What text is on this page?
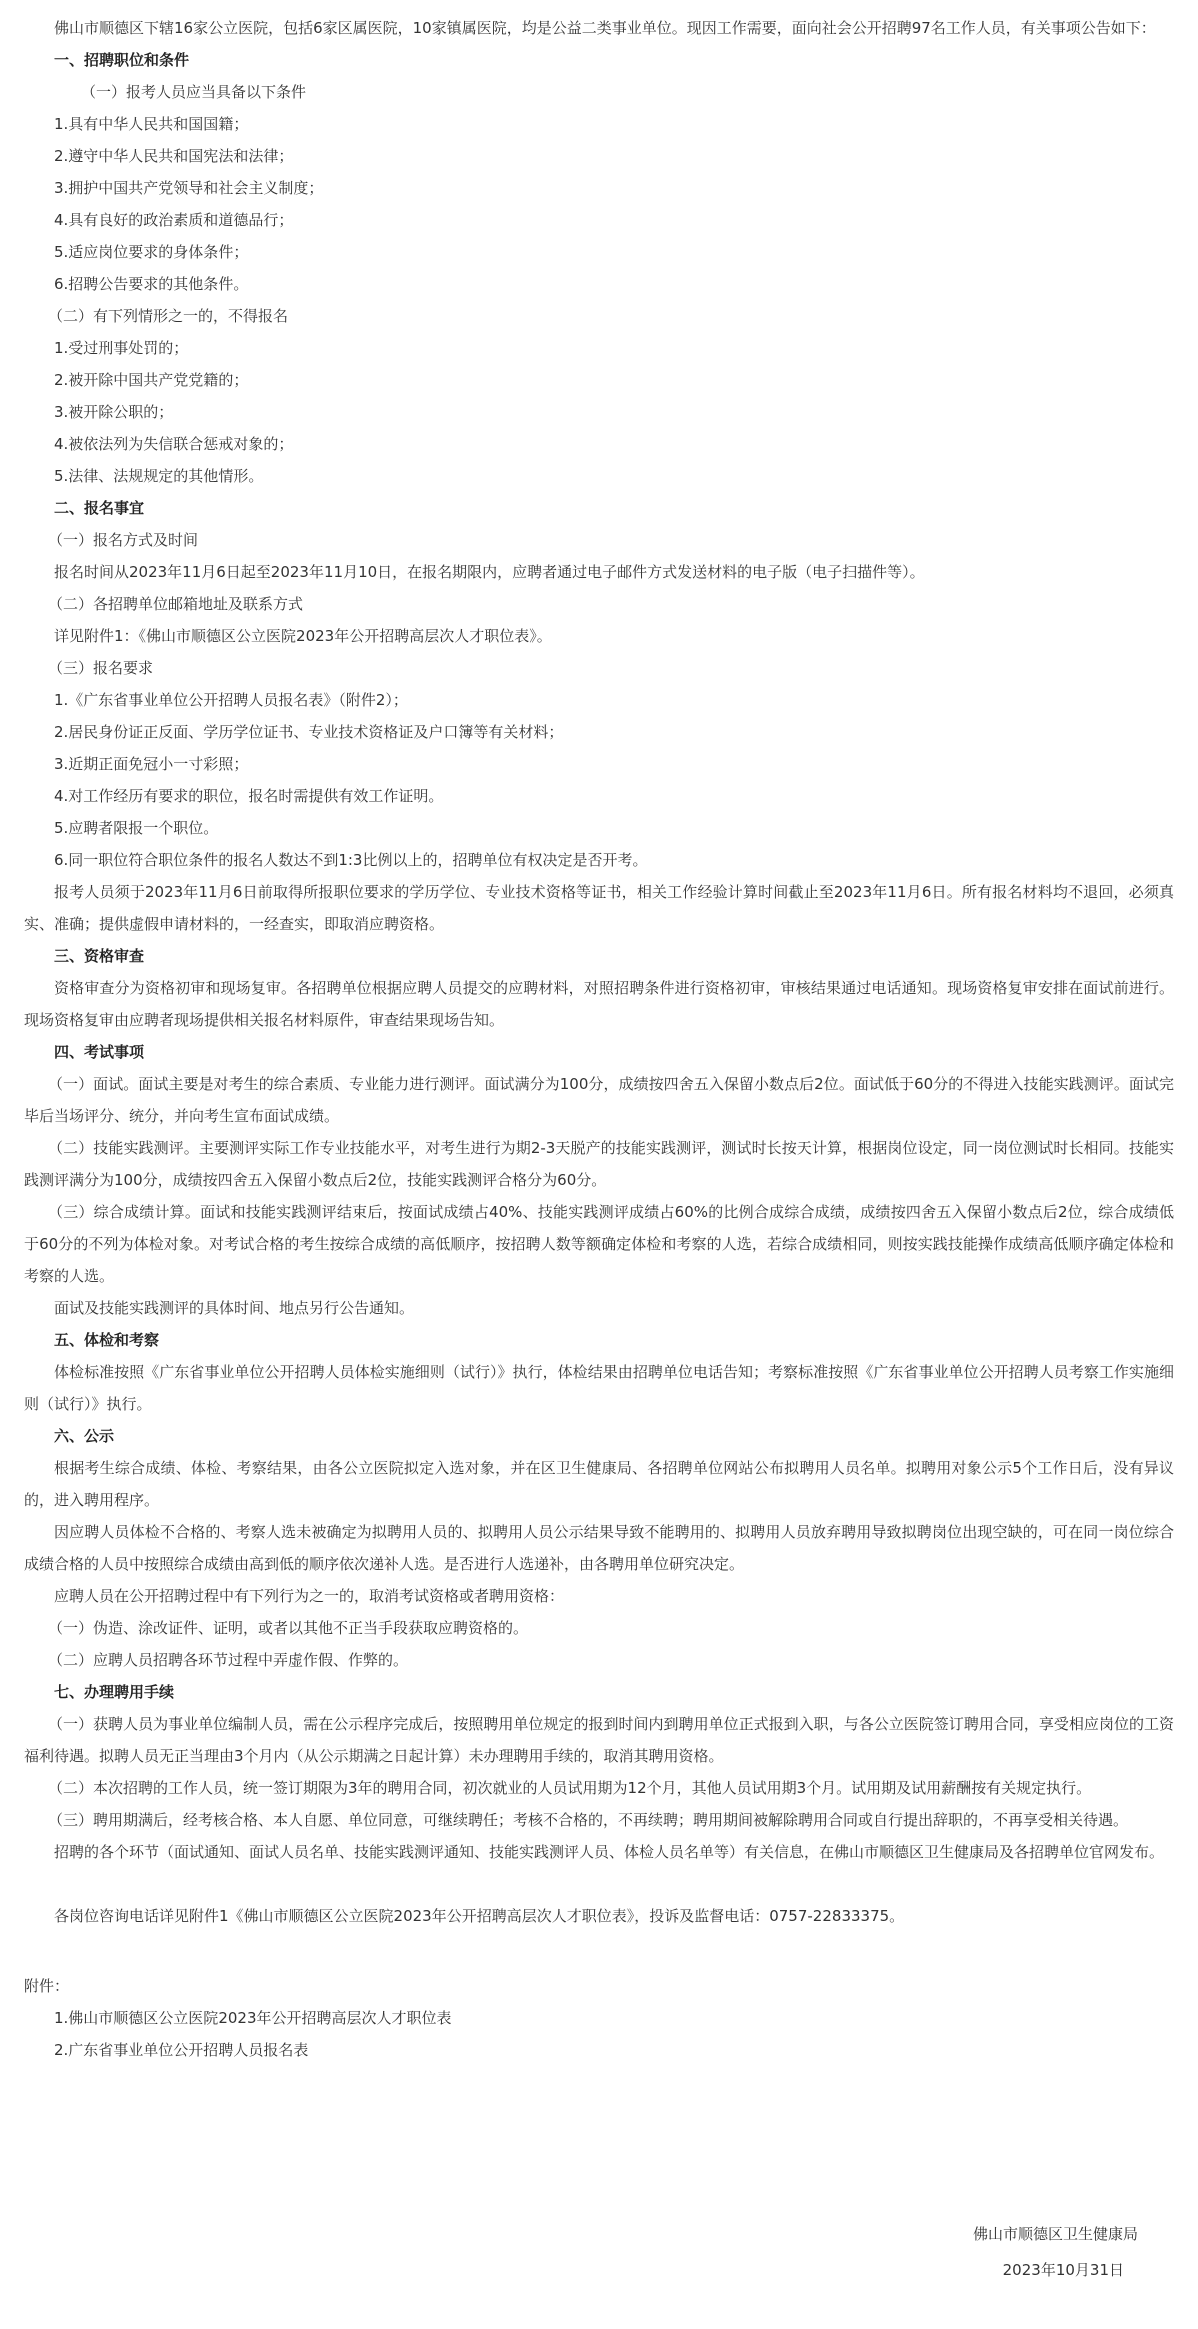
佛山市顺德区下辖16家公立医院，包括6家区属医院，10家镇属医院，均是公益二类事业单位。现因工作需要，面向社会公开招聘97名工作人员，有关事项公告如下：

一、招聘职位和条件

（一）报考人员应当具备以下条件

1.具有中华人民共和国国籍；

2.遵守中华人民共和国宪法和法律；

3.拥护中国共产党领导和社会主义制度；

4.具有良好的政治素质和道德品行；

5.适应岗位要求的身体条件；

6.招聘公告要求的其他条件。

（二）有下列情形之一的，不得报名

1.受过刑事处罚的；

2.被开除中国共产党党籍的；

3.被开除公职的；

4.被依法列为失信联合惩戒对象的；

5.法律、法规规定的其他情形。

二、报名事宜

（一）报名方式及时间

报名时间从2023年11月6日起至2023年11月10日，在报名期限内，应聘者通过电子邮件方式发送材料的电子版（电子扫描件等）。

（二）各招聘单位邮箱地址及联系方式

详见附件1：《佛山市顺德区公立医院2023年公开招聘高层次人才职位表》。

（三）报名要求

1.《广东省事业单位公开招聘人员报名表》（附件2）；

2.居民身份证正反面、学历学位证书、专业技术资格证及户口簿等有关材料；

3.近期正面免冠小一寸彩照；

4.对工作经历有要求的职位，报名时需提供有效工作证明。

5.应聘者限报一个职位。

6.同一职位符合职位条件的报名人数达不到1:3比例以上的，招聘单位有权决定是否开考。

报考人员须于2023年11月6日前取得所报职位要求的学历学位、专业技术资格等证书，相关工作经验计算时间截止至2023年11月6日。所有报名材料均不退回，必须真实、准确；提供虚假申请材料的，一经查实，即取消应聘资格。

三、资格审查

资格审查分为资格初审和现场复审。各招聘单位根据应聘人员提交的应聘材料，对照招聘条件进行资格初审，审核结果通过电话通知。现场资格复审安排在面试前进行。现场资格复审由应聘者现场提供相关报名材料原件，审查结果现场告知。

四、考试事项

（一）面试。面试主要是对考生的综合素质、专业能力进行测评。面试满分为100分，成绩按四舍五入保留小数点后2位。面试低于60分的不得进入技能实践测评。面试完毕后当场评分、统分，并向考生宣布面试成绩。

（二）技能实践测评。主要测评实际工作专业技能水平，对考生进行为期2-3天脱产的技能实践测评，测试时长按天计算，根据岗位设定，同一岗位测试时长相同。技能实践测评满分为100分，成绩按四舍五入保留小数点后2位，技能实践测评合格分为60分。

（三）综合成绩计算。面试和技能实践测评结束后，按面试成绩占40%、技能实践测评成绩占60%的比例合成综合成绩，成绩按四舍五入保留小数点后2位，综合成绩低于60分的不列为体检对象。对考试合格的考生按综合成绩的高低顺序，按招聘人数等额确定体检和考察的人选，若综合成绩相同，则按实践技能操作成绩高低顺序确定体检和考察的人选。

面试及技能实践测评的具体时间、地点另行公告通知。

五、体检和考察

体检标准按照《广东省事业单位公开招聘人员体检实施细则（试行）》执行，体检结果由招聘单位电话告知；考察标准按照《广东省事业单位公开招聘人员考察工作实施细则（试行）》执行。

六、公示

根据考生综合成绩、体检、考察结果，由各公立医院拟定入选对象，并在区卫生健康局、各招聘单位网站公布拟聘用人员名单。拟聘用对象公示5个工作日后，没有异议的，进入聘用程序。

因应聘人员体检不合格的、考察人选未被确定为拟聘用人员的、拟聘用人员公示结果导致不能聘用的、拟聘用人员放弃聘用导致拟聘岗位出现空缺的，可在同一岗位综合成绩合格的人员中按照综合成绩由高到低的顺序依次递补人选。是否进行人选递补，由各聘用单位研究决定。

应聘人员在公开招聘过程中有下列行为之一的，取消考试资格或者聘用资格：

（一）伪造、涂改证件、证明，或者以其他不正当手段获取应聘资格的。

（二）应聘人员招聘各环节过程中弄虚作假、作弊的。

七、办理聘用手续

（一）获聘人员为事业单位编制人员，需在公示程序完成后，按照聘用单位规定的报到时间内到聘用单位正式报到入职，与各公立医院签订聘用合同，享受相应岗位的工资福利待遇。拟聘人员无正当理由3个月内（从公示期满之日起计算）未办理聘用手续的，取消其聘用资格。

（二）本次招聘的工作人员，统一签订期限为3年的聘用合同，初次就业的人员试用期为12个月，其他人员试用期3个月。试用期及试用薪酬按有关规定执行。

（三）聘用期满后，经考核合格、本人自愿、单位同意，可继续聘任；考核不合格的，不再续聘；聘用期间被解除聘用合同或自行提出辞职的，不再享受相关待遇。

招聘的各个环节（面试通知、面试人员名单、技能实践测评通知、技能实践测评人员、体检人员名单等）有关信息，在佛山市顺德区卫生健康局及各招聘单位官网发布。

各岗位咨询电话详见附件1《佛山市顺德区公立医院2023年公开招聘高层次人才职位表》，投诉及监督电话：0757-22833375。

附件：

1.佛山市顺德区公立医院2023年公开招聘高层次人才职位表

2.广东省事业单位公开招聘人员报名表

佛山市顺德区卫生健康局
2023年10月31日
